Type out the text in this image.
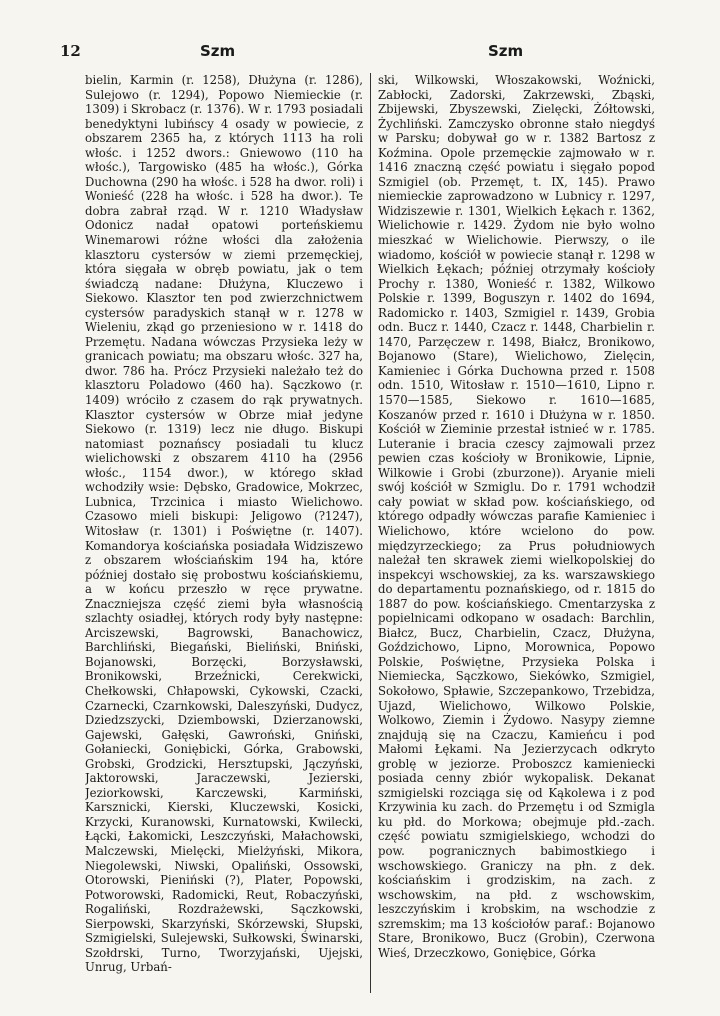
12	Szm	Szm

bielin, Karmin (r. 1258), Dłużyna (r. 1286), Sulejowo (r. 1294), Popowo Niemieckie (r. 1309) i Skrobacz (r. 1376). W r. 1793 posiadali benedyktyni lubińscy 4 osady w powiecie, z obszarem 2365 ha, z których 1113 ha roli włośc. i 1252 dwors.: Gniewowo (110 ha włośc.), Targowisko (485 ha włośc.), Górka Duchowna (290 ha włośc. i 528 ha dwor. roli) i Wonieść (228 ha włośc. i 528 ha dwor.). Te dobra zabrał rząd. W r. 1210 Władysław Odonicz nadał opatowi porteńskiemu Winemarowi różne włości dla założenia klasztoru cystersów w ziemi przemęckiej, która sięgała w obręb powiatu, jak o tem świadczą nadane: Dłużyna, Kluczewo i Siekowo. Klasztor ten pod zwierzchnictwem cystersów paradyskich stanął w r. 1278 w Wieleniu, zkąd go przeniesiono w r. 1418 do Przemętu. Nadana wówczas Przysieka leży w granicach powiatu; ma obszaru włośc. 327 ha, dwor. 786 ha. Prócz Przysieki należało też do klasztoru Poladowo (460 ha). Sączkowo (r. 1409) wróciło z czasem do rąk prywatnych. Klasztor cystersów w Obrze miał jedyne Siekowo (r. 1319) lecz nie długo. Biskupi natomiast poznańscy posiadali tu klucz wielichowski z obszarem 4110 ha (2956 włośc., 1154 dwor.), w którego skład wchodziły wsie: Dębsko, Gradowice, Mokrzec, Lubnica, Trzcinica i miasto Wielichowo. Czasowo mieli biskupi: Jeligowo (?1247), Witosław (r. 1301) i Poświętne (r. 1407). Komandorya kościańska posiadała Widziszewo z obszarem włościańskim 194 ha, które później dostało się probostwu kościańskiemu, a w końcu przeszło w ręce prywatne. Znaczniejsza część ziemi była własnością szlachty osiadłej, których rody były następne: Arciszewski, Bagrowski, Banachowicz, Barchliński, Biegański, Bieliński, Bniński, Bojanowski, Borzęcki, Borzysławski, Bronikowski, Brzeźnicki, Cerekwicki, Chełkowski, Chłapowski, Cykowski, Czacki, Czarnecki, Czarnkowski, Daleszyński, Dudycz, Dziedzszycki, Dziembowski, Dzierzanowski, Gajewski, Gałęski, Gawroński, Gniński, Gołaniecki, Goniębicki, Górka, Grabowski, Grobski, Grodzicki, Hersztupski, Jączyński, Jaktorowski, Jaraczewski, Jezierski, Jeziorkowski, Karczewski, Karmiński, Karsznicki, Kierski, Kluczewski, Kosicki, Krzycki, Kuranowski, Kurnatowski, Kwilecki, Łącki, Łakomicki, Leszczyński, Małachowski, Malczewski, Mielęcki, Mielżyński, Mikora, Niegolewski, Niwski, Opaliński, Ossowski, Otorowski, Pieniński (?), Plater, Popowski, Potworowski, Radomicki, Reut, Robaczyński, Rogaliński, Rozdrażewski, Sączkowski, Sierpowski, Skarzyński, Skórzewski, Słupski, Szmigielski, Sulejewski, Sułkowski, Świnarski, Szołdrski, Turno, Tworzyjański, Ujejski, Unrug, Urbań-

ski, Wilkowski, Włoszakowski, Woźnicki, Zabłocki, Zadorski, Zakrzewski, Zbąski, Zbijewski, Zbyszewski, Zielęcki, Żółtowski, Żychliński. Zamczysko obronne stało niegdyś w Parsku; dobywał go w r. 1382 Bartosz z Koźmina. Opole przemęckie zajmowało w r. 1416 znaczną część powiatu i sięgało popod Szmigiel (ob. Przemęt, t. IX, 145). Prawo niemieckie zaprowadzono w Lubnicy r. 1297, Widziszewie r. 1301, Wielkich Łękach r. 1362, Wielichowie r. 1429. Żydom nie było wolno mieszkać w Wielichowie. Pierwszy, o ile wiadomo, kościół w powiecie stanął r. 1298 w Wielkich Łękach; później otrzymały kościoły Prochy r. 1380, Wonieść r. 1382, Wilkowo Polskie r. 1399, Boguszyn r. 1402 do 1694, Radomicko r. 1403, Szmigiel r. 1439, Grobia odn. Bucz r. 1440, Czacz r. 1448, Charbielin r. 1470, Parzęczew r. 1498, Białcz, Bronikowo, Bojanowo (Stare), Wielichowo, Zielęcin, Kamieniec i Górka Duchowna przed r. 1508 odn. 1510, Witosław r. 1510—1610, Lipno r. 1570—1585, Siekowo r. 1610—1685, Koszanów przed r. 1610 i Dłużyna w r. 1850. Kościół w Zieminie przestał istnieć w r. 1785. Luteranie i bracia czescy zajmowali przez pewien czas kościoły w Bronikowie, Lipnie, Wilkowie i Grobi (zburzone)). Aryanie mieli swój kościół w Szmiglu. Do r. 1791 wchodził cały powiat w skład pow. kościańskiego, od którego odpadły wówczas parafie Kamieniec i Wielichowo, które wcielono do pow. międzyrzeckiego; za Prus południowych należał ten skrawek ziemi wielkopolskiej do inspekcyi wschowskiej, za ks. warszawskiego do departamentu poznańskiego, od r. 1815 do 1887 do pow. kościańskiego. Cmentarzyska z popielnicami odkopano w osadach: Barchlin, Białcz, Bucz, Charbielin, Czacz, Dłużyna, Goździchowo, Lipno, Morownica, Popowo Polskie, Poświętne, Przysieka Polska i Niemiecka, Sączkowo, Siekówko, Szmigiel, Sokołowo, Spławie, Szczepankowo, Trzebidza, Ujazd, Wielichowo, Wilkowo Polskie, Wolkowo, Ziemin i Żydowo. Nasypy ziemne znajdują się na Czaczu, Kamieńcu i pod Małomi Łękami. Na Jezierzycach odkryto groblę w jeziorze. Proboszcz kamieniecki posiada cenny zbiór wykopalisk. Dekanat szmigielski rozciąga się od Kąkolewa i z pod Krzywinia ku zach. do Przemętu i od Szmigla ku płd. do Morkowa; obejmuje płd.-zach. część powiatu szmigielskiego, wchodzi do pow. pogranicznych babimostkiego i wschowskiego. Graniczy na płn. z dek. kościańskim i grodziskim, na zach. z wschowskim, na płd. z wschowskim, leszczyńskim i krobskim, na wschodzie z szremskim; ma 13 kościołów paraf.: Bojanowo Stare, Bronikowo, Bucz (Grobin), Czerwona Wieś, Drzeczkowo, Goniębice, Górka
